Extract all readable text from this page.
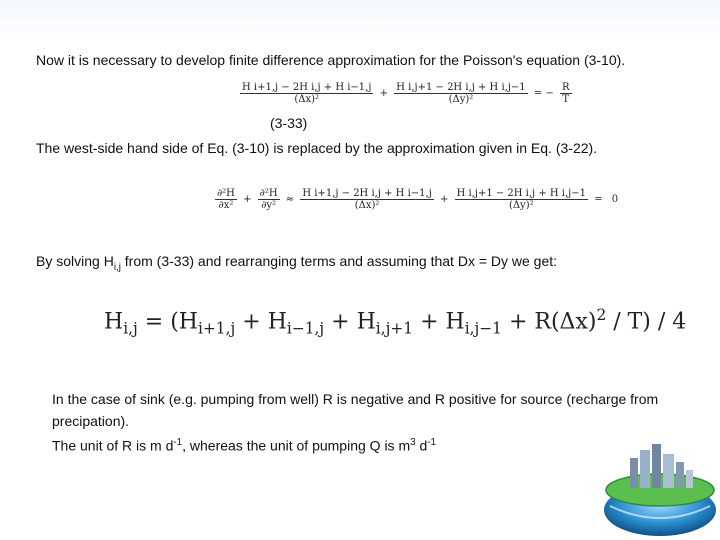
Now it is necessary to develop finite difference approximation for the Poisson's equation (3-10).
$\frac{\text{H i+1,j − 2H i,j + H i−1,j}}{\text{(Δx)²}} + \frac{\text{H i,j+1 − 2H i,j + H i,j−1}}{\text{(Δy)²}}$ = − $\frac{R}{T}$
(3-33)
The west-side hand side of Eq. (3-10) is replaced by the approximation given in Eq. (3-22).
$\frac{\text{∂²H}}{\text{∂x²}} + \frac{\text{∂²H}}{\text{∂y²}} \approx \frac{\text{H i+1,j − 2H i,j + H i−1,j}}{\text{(Δx)²}} + \frac{\text{H i,j+1 − 2H i,j + H i,j−1}}{\text{(Δy)²}} = 0$
By solving $H_{i,j}$ from (3-33) and rearranging terms and assuming that Dx = Dy we get:
$H_{i,j} = (H_{i+1,j} + H_{i-1,j} + H_{i,j+1} + H_{i,j-1} + R(\Delta x)^2 / T) / 4$
In the case of sink (e.g. pumping from well) R is negative and R positive for source (recharge from precipation).
The unit of R is m $d^{-1}$, whereas the unit of pumping Q is $m^3$ $d^{-1}$
